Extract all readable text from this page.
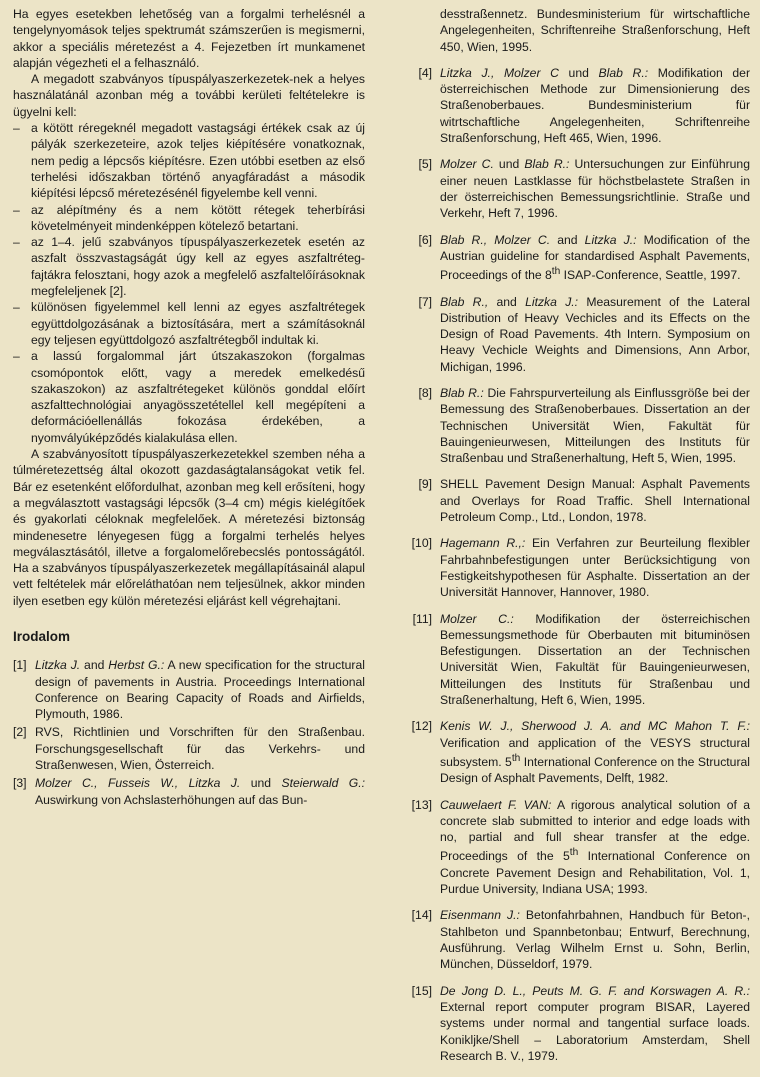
Ha egyes esetekben lehetőség van a forgalmi terhelésnél a tengelynyomások teljes spektrumát számszerűen is megismerni, akkor a speciális méretezést a 4. Fejezetben írt munkamenet alapján végezheti el a felhasználó.

A megadott szabványos típuspályaszerkezetek-nek a helyes használatánál azonban még a további kerületi feltételekre is ügyelni kell:

– a kötött réregeknél megadott vastagsági értékek csak az új pályák szerkezeteire, azok teljes kiépítésére vonatkoznak, nem pedig a lépcsős kiépítésre. Ezen utóbbi esetben az első terhelési időszakban történő anyagfáradást a második kiépítési lépcső méretezésénél figyelembe kell venni.
– az alépítmény és a nem kötött rétegek teherbírási követelményeit mindenképpen kötelező betartani.
– az 1–4. jelű szabványos típuspályaszerkezetek esetén az aszfalt összvastagságát úgy kell az egyes aszfaltréteg-fajtákra felosztani, hogy azok a megfelelő aszfaltelőírásoknak megfeleljenek [2].
– különösen figyelemmel kell lenni az egyes aszfaltrétegek együttdolgozásának a biztosítására, mert a számításoknál egy teljesen együttdolgozó aszfaltrétegből indultak ki.
– a lassú forgalommal járt útszakaszokon (forgalmas csomópontok előtt, vagy a meredek emelkedésű szakaszokon) az aszfaltrétegeket különös gonddal előírt aszfalttechnológiai anyagösszetétellel kell megépíteni a deformációellenállás fokozása érdekében, a nyomvályúképződés kialakulása ellen.

A szabványosított típuspályaszerkezetekkel szemben néha a túlméretezettség által okozott gazdaságtalanságokat vetik fel. Bár ez esetenként előfordulhat, azonban meg kell erősíteni, hogy a megválasztott vastagsági lépcsők (3–4 cm) mégis kielégítőek és gyakorlati céloknak megfelelőek. A méretezési biztonság mindenesetre lényegesen függ a forgalmi terhelés helyes megválasztásától, illetve a forgalomelőrebecslés pontosságától. Ha a szabványos típuspályaszerkezetek megállapításainál alapul vett feltételek már előreláthatóan nem teljesülnek, akkor minden ilyen esetben egy külön méretezési eljárást kell végrehajtani.

Irodalom
[1] Litzka J. and Herbst G.: A new specification for the structural design of pavements in Austria. Proceedings International Conference on Bearing Capacity of Roads and Airfields, Plymouth, 1986.
[2] RVS, Richtlinien und Vorschriften für den Straßenbau. Forschungsgesellschaft für das Verkehrs- und Straßenwesen, Wien, Österreich.
[3] Molzer C., Fusseis W., Litzka J. und Steierwald G.: Auswirkung von Achslasterhöhungen auf das Bun-
desstraßennetz. Bundesministerium für wirtschaftliche Angelegenheiten, Schriftenreihe Straßenforschung, Heft 450, Wien, 1995.
[4] Litzka J., Molzer C und Blab R.: Modifikation der österreichischen Methode zur Dimensionierung des Straßenoberbaues. Bundesministerium für witrtschaftliche Angelegenheiten, Schriftenreihe Straßenforschung, Heft 465, Wien, 1996.
[5] Molzer C. und Blab R.: Untersuchungen zur Einführung einer neuen Lastklasse für höchstbelastete Straßen in der österreichischen Bemessungsrichtlinie. Straße und Verkehr, Heft 7, 1996.
[6] Blab R., Molzer C. and Litzka J.: Modification of the Austrian guideline for standardised Asphalt Pavements, Proceedings of the 8th ISAP-Conference, Seattle, 1997.
[7] Blab R., and Litzka J.: Measurement of the Lateral Distribution of Heavy Vechicles and its Effects on the Design of Road Pavements. 4th Intern. Symposium on Heavy Vechicle Weights and Dimensions, Ann Arbor, Michigan, 1996.
[8] Blab R.: Die Fahrspurverteilung als Einflussgröße bei der Bemessung des Straßenoberbaues. Dissertation an der Technischen Universität Wien, Fakultät für Bauingenieurwesen, Mitteilungen des Instituts für Straßenbau und Straßenerhaltung, Heft 5, Wien, 1995.
[9] SHELL Pavement Design Manual: Asphalt Pavements and Overlays for Road Traffic. Shell International Petroleum Comp., Ltd., London, 1978.
[10] Hagemann R.,: Ein Verfahren zur Beurteilung flexibler Fahrbahnbefestigungen unter Berücksichtigung von Festigkeitshypothesen für Asphalte. Dissertation an der Universität Hannover, Hannover, 1980.
[11] Molzer C.: Modifikation der österreichischen Bemessungsmethode für Oberbauten mit bituminösen Befestigungen. Dissertation an der Technischen Universität Wien, Fakultät für Bauingenieurwesen, Mitteilungen des Instituts für Straßenbau und Straßenerhaltung, Heft 6, Wien, 1995.
[12] Kenis W. J., Sherwood J. A. and MC Mahon T. F.: Verification and application of the VESYS structural subsystem. 5th International Conference on the Structural Design of Asphalt Pavements, Delft, 1982.
[13] Cauwelaert F. VAN: A rigorous analytical solution of a concrete slab submitted to interior and edge loads with no, partial and full shear transfer at the edge. Proceedings of the 5th International Conference on Concrete Pavement Design and Rehabilitation, Vol. 1, Purdue University, Indiana USA; 1993.
[14] Eisenmann J.: Betonfahrbahnen, Handbuch für Beton-, Stahlbeton und Spannbetonbau; Entwurf, Berechnung, Ausführung. Verlag Wilhelm Ernst u. Sohn, Berlin, München, Düsseldorf, 1979.
[15] De Jong D. L., Peuts M. G. F. and Korswagen A. R.: External report computer program BISAR, Layered systems under normal and tangential surface loads. Konikljke/Shell – Laboratorium Amsterdam, Shell Research B. V., 1979.
